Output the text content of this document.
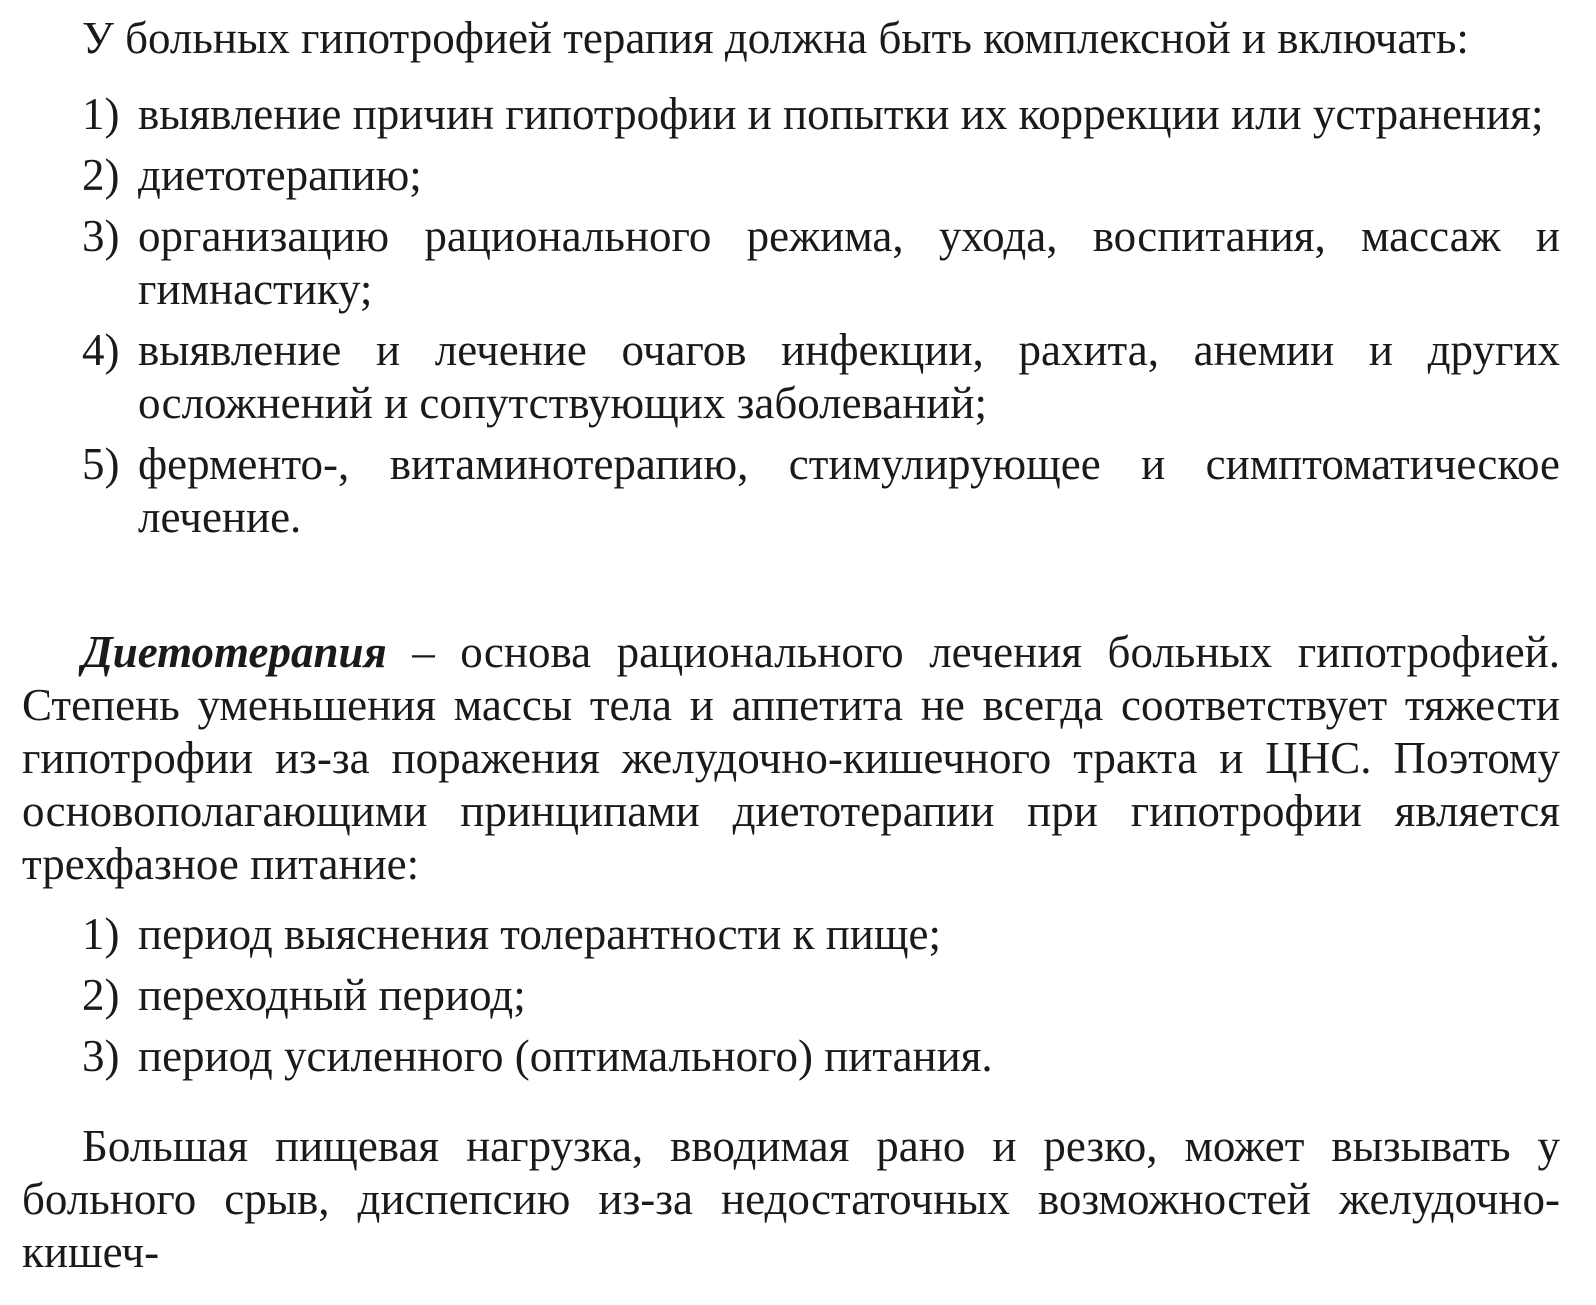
У больных гипотрофией терапия должна быть комплексной и включать:

1) выявление причин гипотрофии и попытки их коррекции или устранения;
2) диетотерапию;
3) организацию рационального режима, ухода, воспитания, массаж и гимнастику;
4) выявление и лечение очагов инфекции, рахита, анемии и других осложнений и сопутствующих заболеваний;
5) ферменто-, витаминотерапию, стимулирующее и симптоматическое лечение.

Диетотерапия – основа рационального лечения больных гипотрофией. Степень уменьшения массы тела и аппетита не всегда соответствует тяжести гипотрофии из-за поражения желудочно-кишечного тракта и ЦНС. Поэтому основополагающими принципами диетотерапии при гипотрофии является трехфазное питание:

1) период выяснения толерантности к пище;
2) переходный период;
3) период усиленного (оптимального) питания.

Большая пищевая нагрузка, вводимая рано и резко, может вызывать у больного срыв, диспепсию из-за недостаточных возможностей желудочно-кишеч-
